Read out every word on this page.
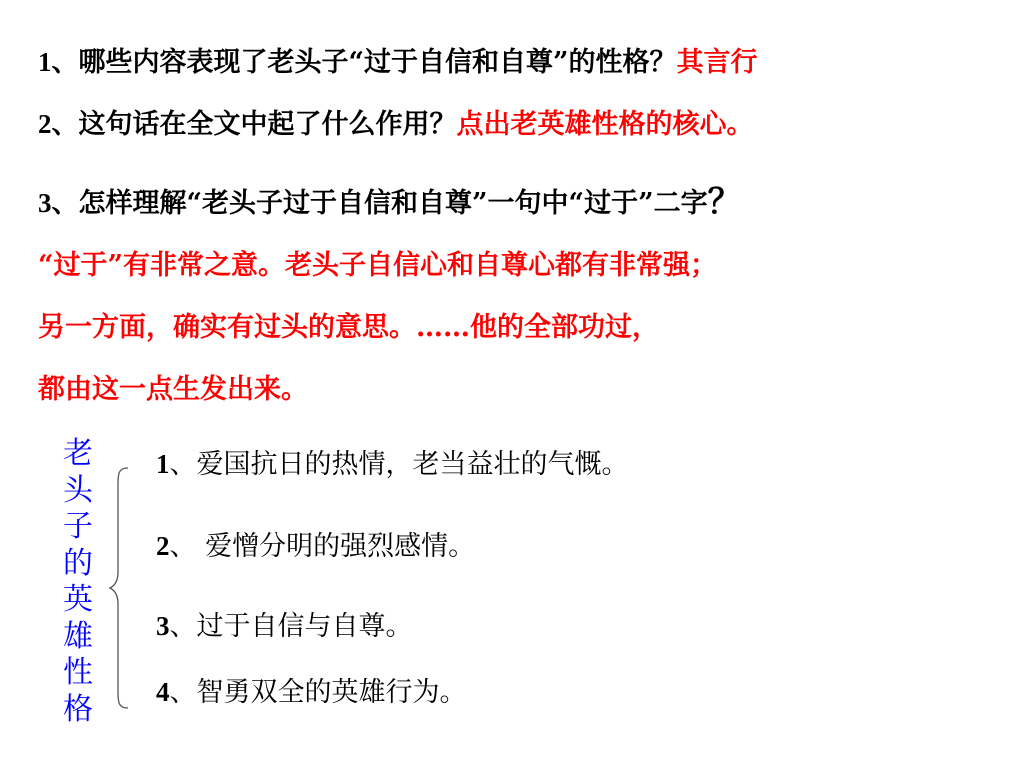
1、哪些内容表现了老头子“过于自信和自尊”的性格？其言行
2、这句话在全文中起了什么作用？点出老英雄性格的核心。
3、怎样理解“老头子过于自信和自尊”一句中“过于”二字？
“过于”有非常之意。老头子自信心和自尊心都有非常强；
另一方面，确实有过头的意思。……他的全部功过，
都由这一点生发出来。
老
头
子
的
英
雄
性
格
1、爱国抗日的热情，老当益壮的气慨。
2、 爱憎分明的强烈感情。
3、过于自信与自尊。
4、智勇双全的英雄行为。
